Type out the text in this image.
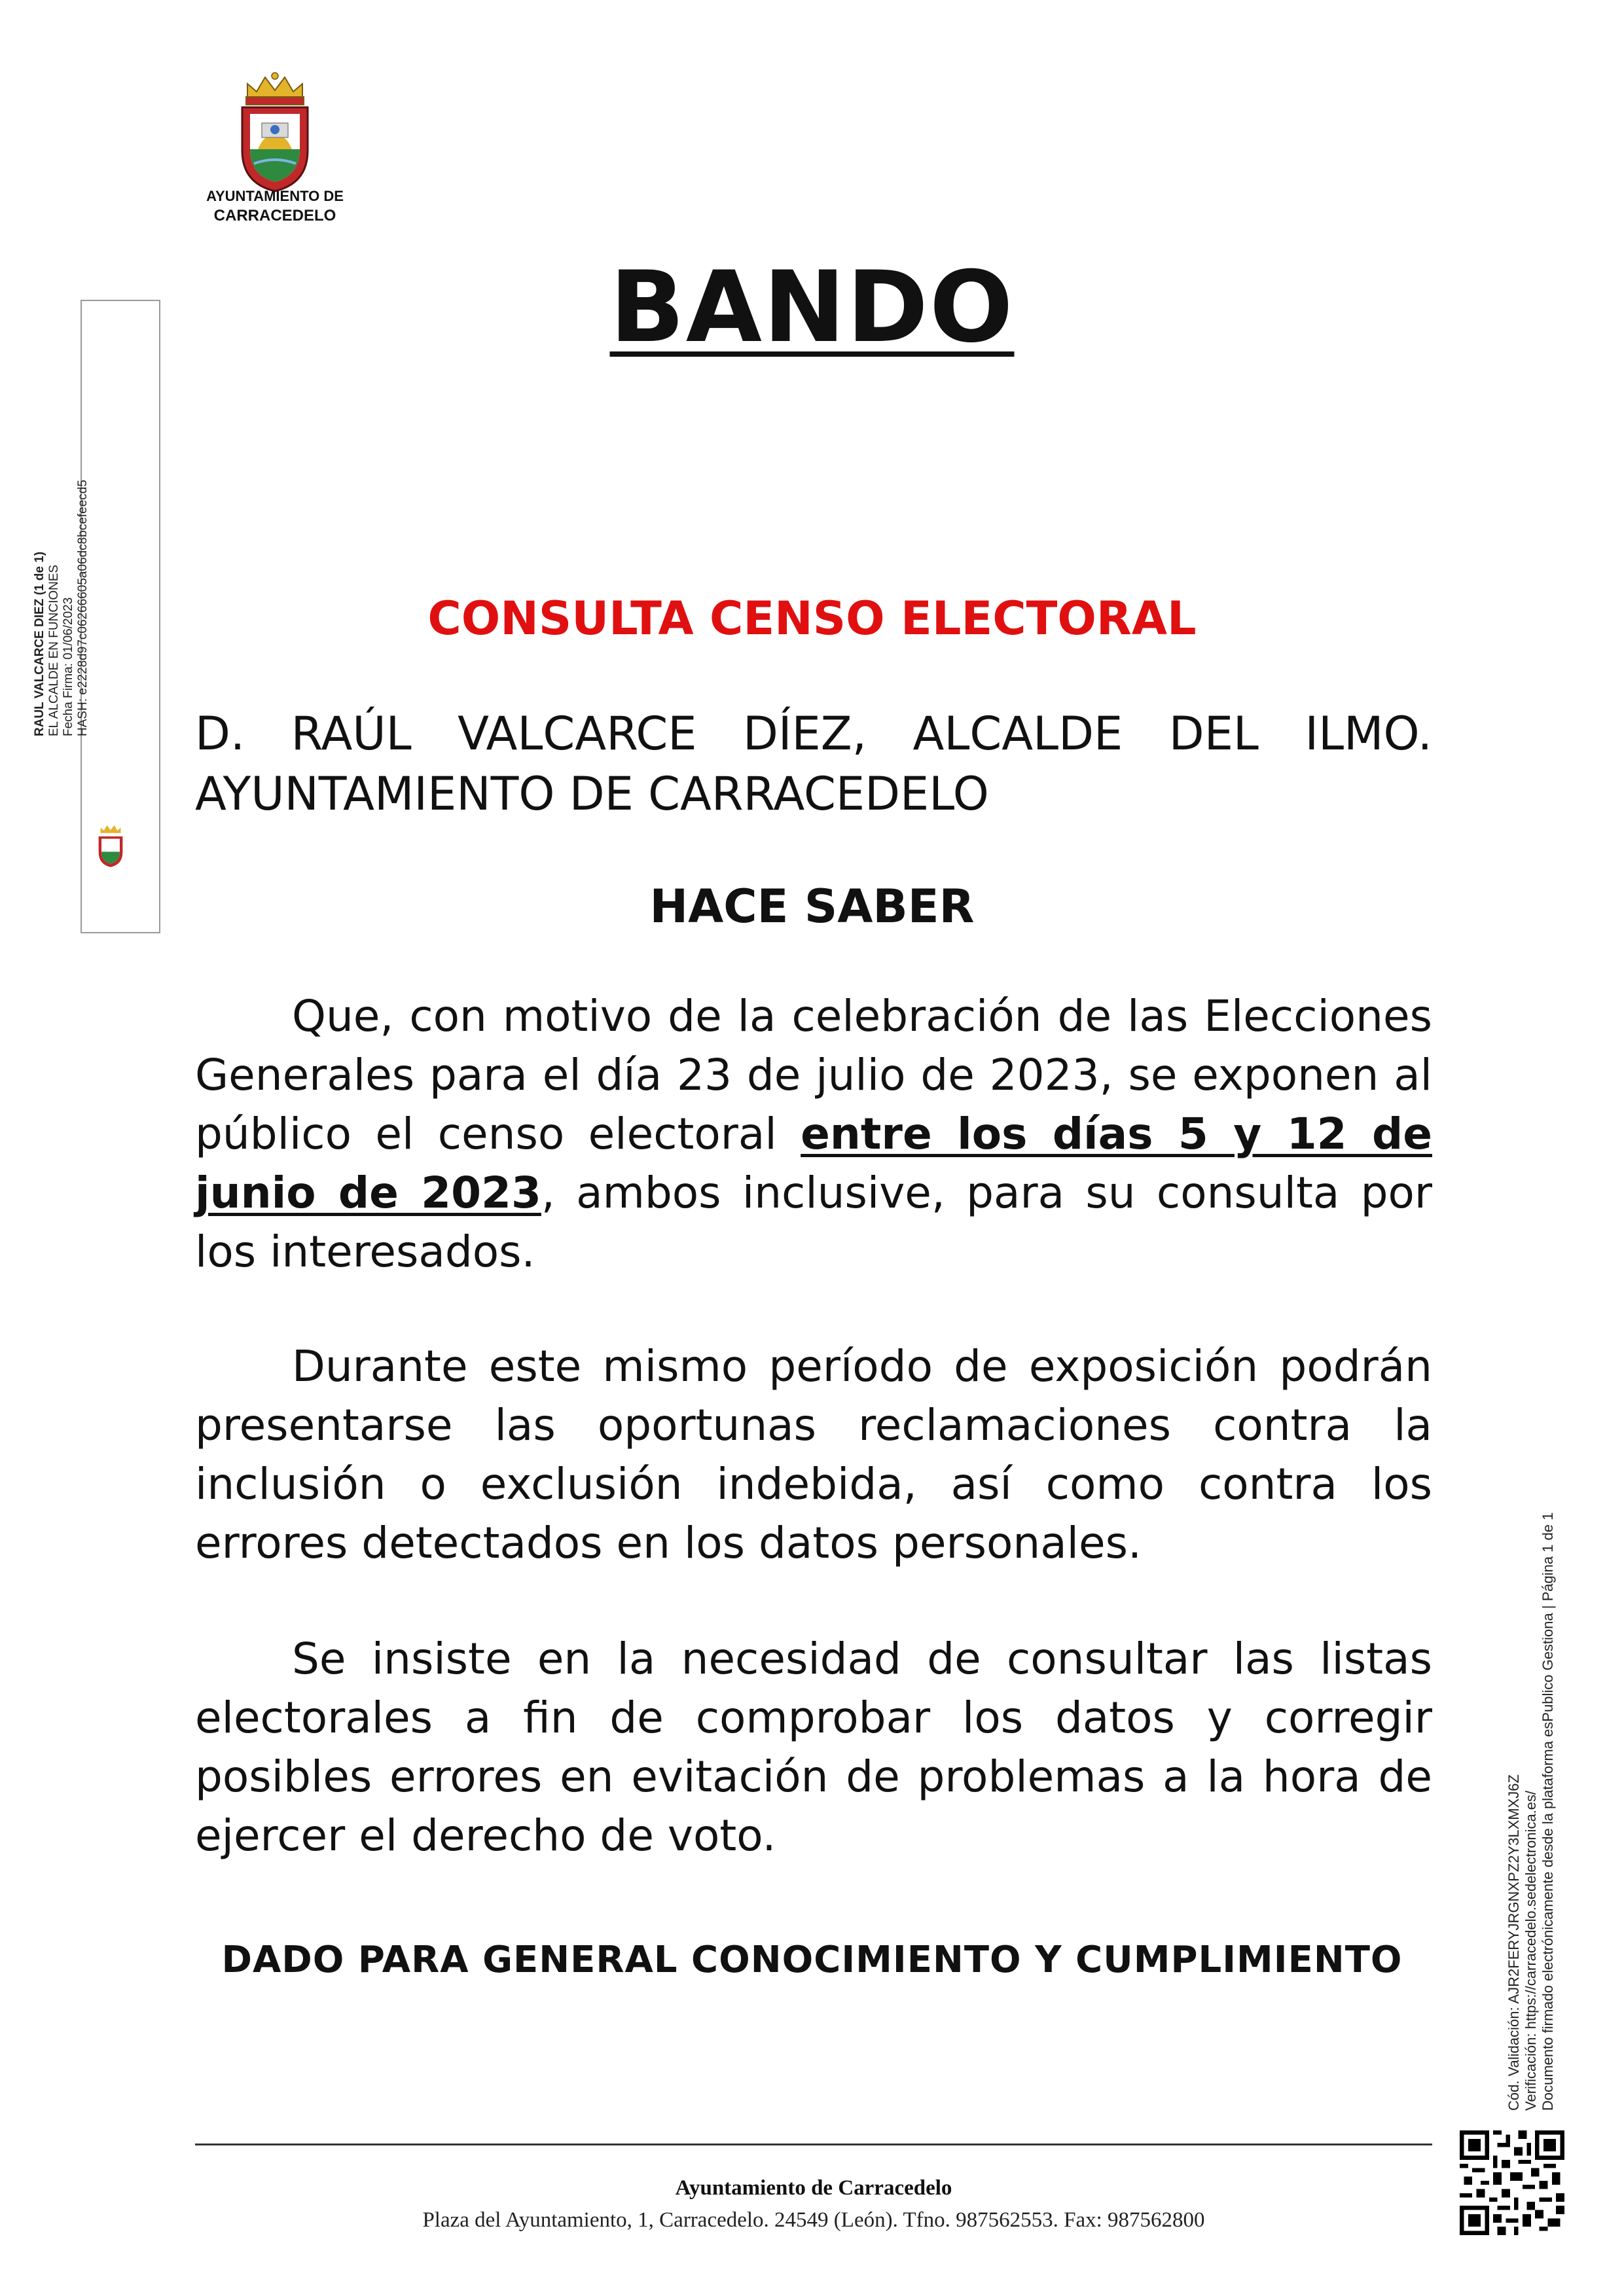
AYUNTAMIENTO DE
CARRACEDELO
RAUL VALCARCE DIEZ (1 de 1) EL ALCALDE EN FUNCIONES Fecha Firma: 01/06/2023 HASH: e2228d97c06266605a06dc8bcefeecd5
BANDO
CONSULTA CENSO ELECTORAL
D. RAÚL VALCARCE DÍEZ, ALCALDE DEL ILMO. AYUNTAMIENTO DE CARRACEDELO
HACE SABER
Que, con motivo de la celebración de las Elecciones Generales para el día 23 de julio de 2023, se exponen al público el censo electoral entre los días 5 y 12 de junio de 2023, ambos inclusive, para su consulta por los interesados.
Durante este mismo período de exposición podrán presentarse las oportunas reclamaciones contra la inclusión o exclusión indebida, así como contra los errores detectados en los datos personales.
Se insiste en la necesidad de consultar las listas electorales a fin de comprobar los datos y corregir posibles errores en evitación de problemas a la hora de ejercer el derecho de voto.
DADO PARA GENERAL CONOCIMIENTO Y CUMPLIMIENTO
Ayuntamiento de Carracedelo
Plaza del Ayuntamiento, 1, Carracedelo. 24549 (León). Tfno. 987562553. Fax: 987562800
Cód. Validación: AJR2FERYJRGNXPZ2Y3LXMXJ6Z Verificación: https://carracedelo.sedelectronica.es/ Documento firmado electrónicamente desde la plataforma esPublico Gestiona | Página 1 de 1
